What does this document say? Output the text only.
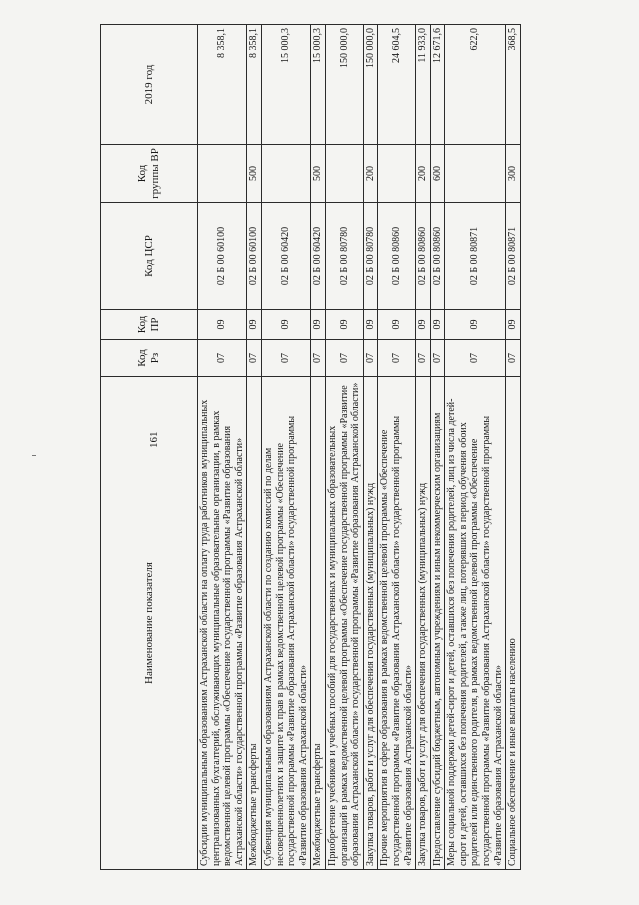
161
Наименование показателя	Код Рз	Код ПР	Код ЦСР	Код группы ВР	2019 год
Субсидии муниципальным образованиям Астраханской области на оплату труда работников муниципальных централизованных бухгалтерий, обслуживающих муниципальные образовательные организации, в рамках ведомственной целевой программы «Обеспечение государственной программы «Развитие образования Астраханской области» государственной программы «Развитие образования Астраханской области»	07	09	02 Б 00 60100		8 358,1
Межбюджетные трансферты	07	09	02 Б 00 60100	500	8 358,1
Субвенция муниципальным образованиям Астраханской области по созданию комиссий по делам несовершеннолетних и защите их прав в рамках ведомственной целевой программы «Обеспечение государственной программы «Развитие образования Астраханской области» государственной программы «Развитие образования Астраханской области»	07	09	02 Б 00 60420		15 000,3
Межбюджетные трансферты	07	09	02 Б 00 60420	500	15 000,3
Приобретение учебников и учебных пособий для государственных и муниципальных образовательных организаций в рамках ведомственной целевой программы «Обеспечение государственной программы «Развитие образования Астраханской области» государственной программы «Развитие образования Астраханской области»	07	09	02 Б 00 80780		150 000,0
Закупка товаров, работ и услуг для обеспечения государственных (муниципальных) нужд	07	09	02 Б 00 80780	200	150 000,0
Прочие мероприятия в сфере образования в рамках ведомственной целевой программы «Обеспечение государственной программы «Развитие образования Астраханской области» государственной программы «Развитие образования Астраханской области»	07	09	02 Б 00 80860		24 604,5
Закупка товаров, работ и услуг для обеспечения государственных (муниципальных) нужд	07	09	02 Б 00 80860	200	11 933,0
Предоставление субсидий бюджетным, автономным учреждениям и иным некоммерческим организациям	07	09	02 Б 00 80860	600	12 671,6
Меры социальной поддержки детей-сирот и детей, оставшихся без попечения родителей, лиц из числа детей-сирот и детей, оставшихся без попечения родителей, а также лиц, потерявших в период обучения обоих родителей или единственного родителя, в рамках ведомственной целевой программы «Обеспечение государственной программы «Развитие образования Астраханской области» государственной программы «Развитие образования Астраханской области»	07	09	02 Б 00 80871		622,0
Социальное обеспечение и иные выплаты населению	07	09	02 Б 00 80871	300	368,5
